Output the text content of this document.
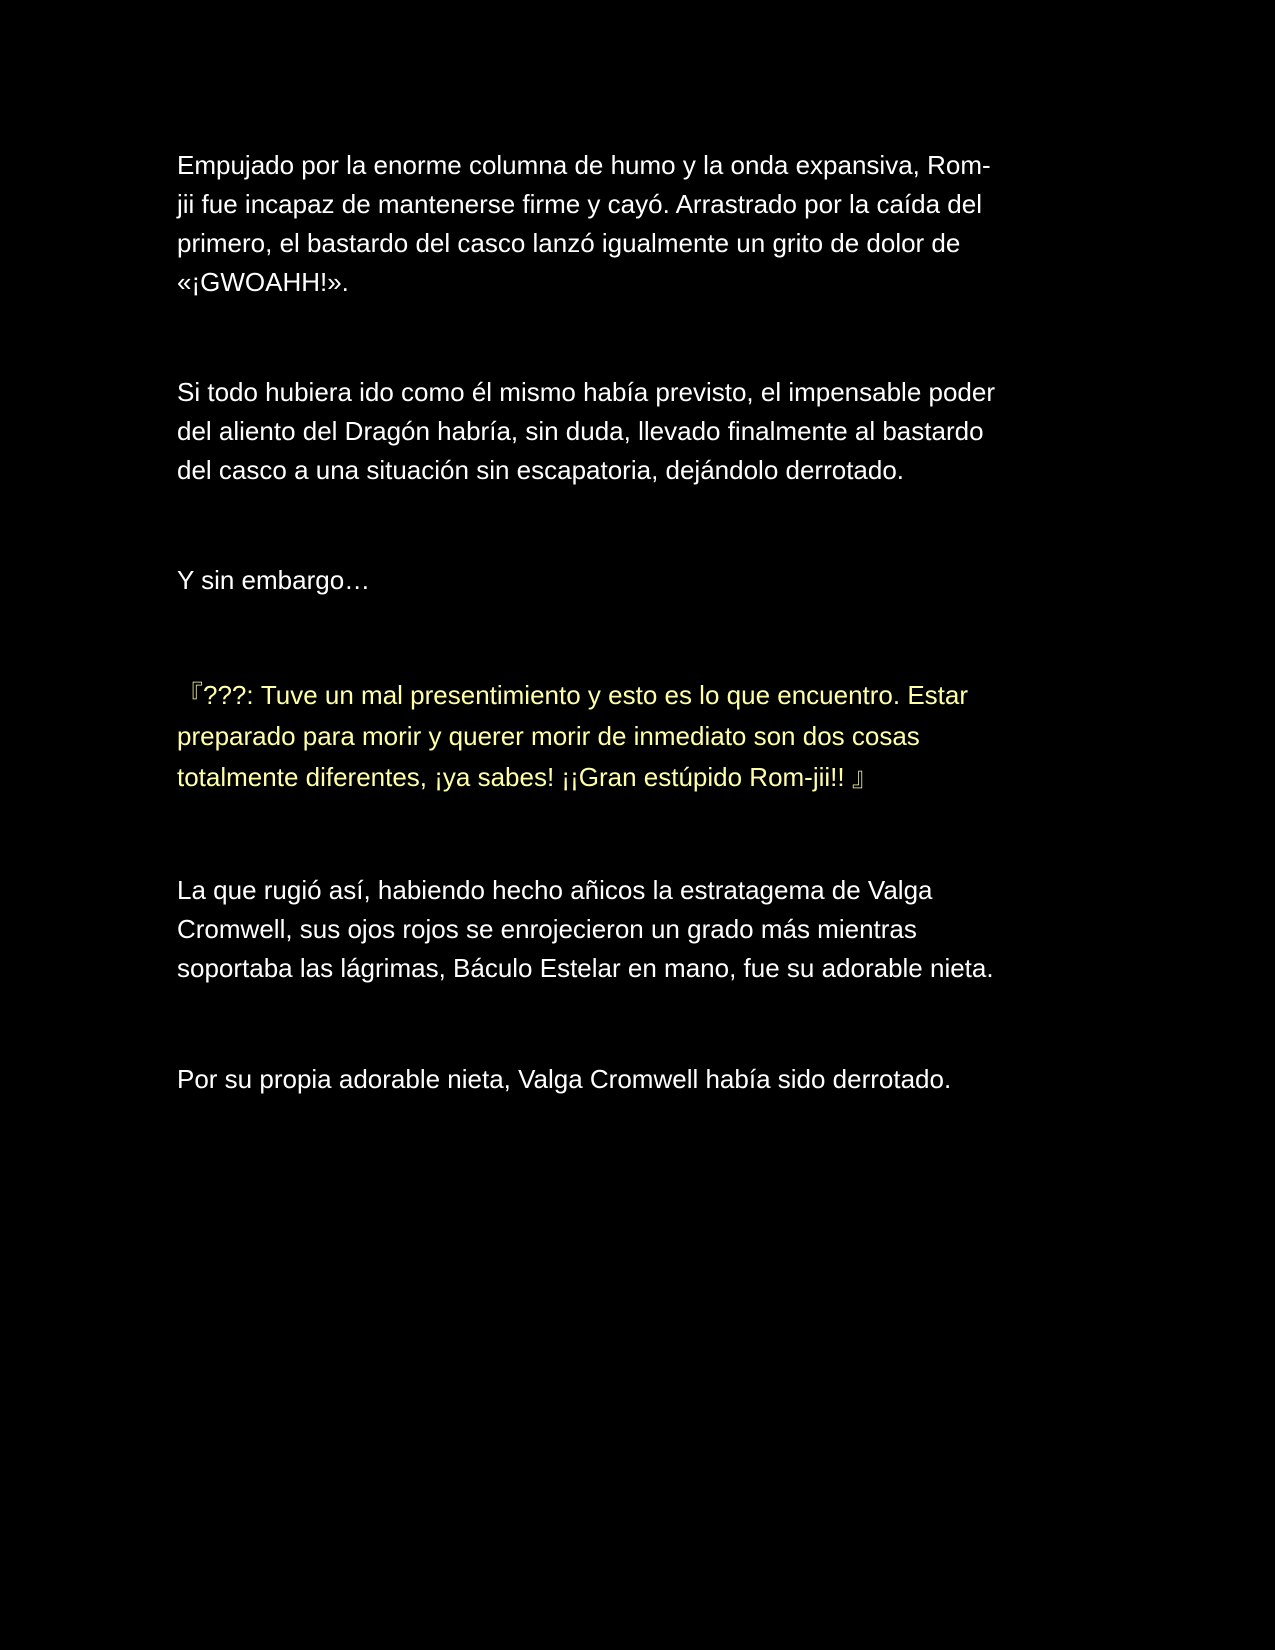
Empujado por la enorme columna de humo y la onda expansiva, Rom-
jii fue incapaz de mantenerse firme y cayó. Arrastrado por la caída del
primero, el bastardo del casco lanzó igualmente un grito de dolor de
«¡GWOAHH!».

Si todo hubiera ido como él mismo había previsto, el impensable poder
del aliento del Dragón habría, sin duda, llevado finalmente al bastardo
del casco a una situación sin escapatoria, dejándolo derrotado.

Y sin embargo…

『???: Tuve un mal presentimiento y esto es lo que encuentro. Estar
preparado para morir y querer morir de inmediato son dos cosas
totalmente diferentes, ¡ya sabes! ¡¡Gran estúpido Rom-jii!! 』

La que rugió así, habiendo hecho añicos la estratagema de Valga
Cromwell, sus ojos rojos se enrojecieron un grado más mientras
soportaba las lágrimas, Báculo Estelar en mano, fue su adorable nieta.

Por su propia adorable nieta, Valga Cromwell había sido derrotado.
